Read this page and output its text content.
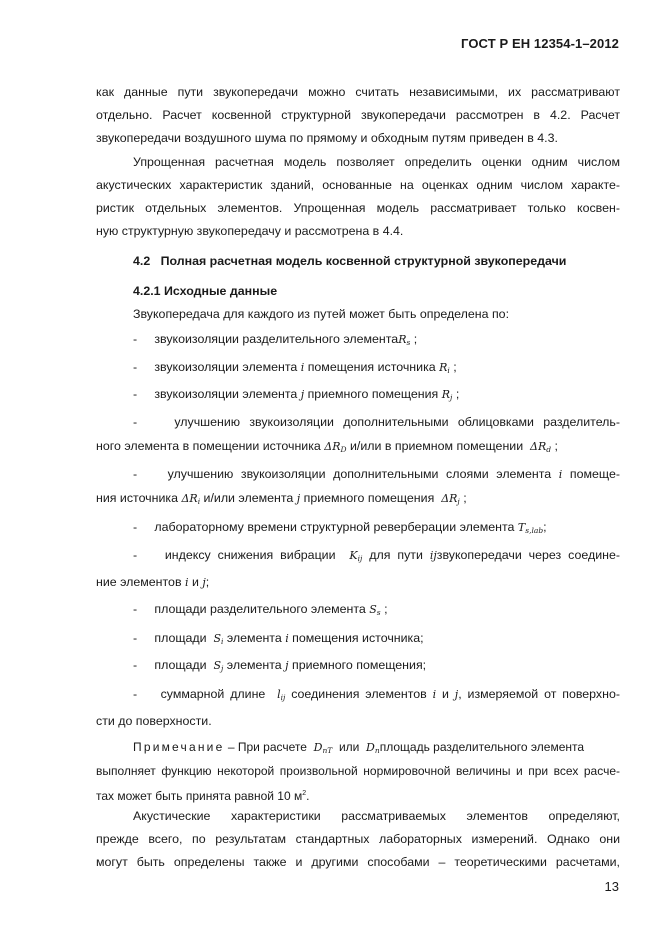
ГОСТ Р ЕН 12354-1–2012
как данные пути звукопередачи можно считать независимыми, их рассматривают
отдельно. Расчет косвенной структурной звукопередачи рассмотрен в 4.2. Расчет
звукопередачи воздушного шума по прямому и обходным путям приведен в 4.3.
Упрощенная расчетная модель позволяет определить оценки одним числом
акустических характеристик зданий, основанные на оценках одним числом характе-
ристик отдельных элементов. Упрощенная модель рассматривает только косвен-
ную структурную звукопередачу и рассмотрена в 4.4.
4.2 Полная расчетная модель косвенной структурной звукопередачи
4.2.1 Исходные данные
Звукопередача для каждого из путей может быть определена по:
- звукоизоляции разделительного элементаRs ;
- звукоизоляции элемента i помещения источника Ri ;
- звукоизоляции элемента j приемного помещения Rj ;
-	улучшению звукоизоляции дополнительными облицовками разделитель-
ного элемента в помещении источника ΔRD и/или в приемном помещении ΔRd ;
- улучшению звукоизоляции дополнительными слоями элемента i помеще-
ния источника ΔRi и/или элемента j приемного помещения ΔRj ;
- лабораторному времени структурной реверберации элемента Ts,lab;
- индексу снижения вибрации Kij для пути ijзвукопередачи через соедине-
ние элементов i и j;
- площади разделительного элемента Ss ;
- площади Si элемента i помещения источника;
- площади Sj элемента j приемного помещения;
- суммарной длине lij соединения элементов i и j, измеряемой от поверхно-
сти до поверхности.
Примечание – При расчете DnT или Dnплощадь разделительного элемента
выполняет функцию некоторой произвольной нормировочной величины и при всех расче-
тах может быть принята равной 10 $м^2$.
Акустические характеристики рассматриваемых элементов определяют,
прежде всего, по результатам стандартных лабораторных измерений. Однако они
могут быть определены также и другими способами – теоретическими расчетами,
13
